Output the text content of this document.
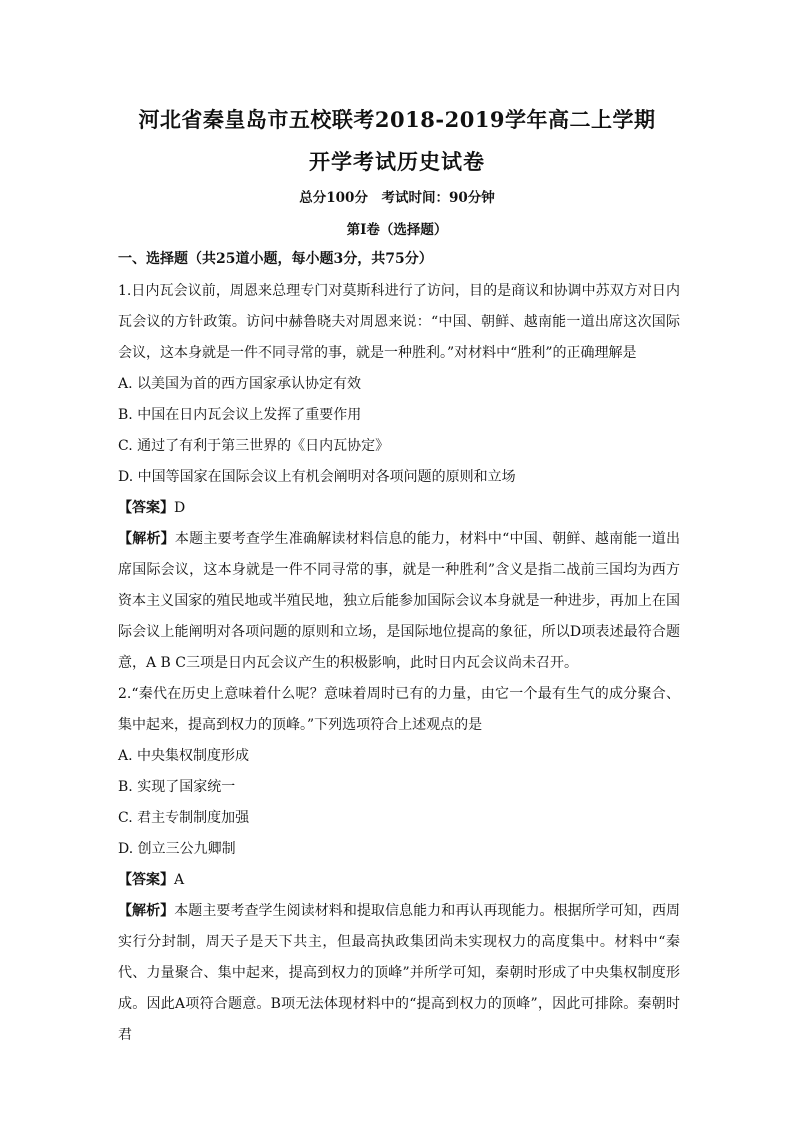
河北省秦皇岛市五校联考2018-2019学年高二上学期
开学考试历史试卷
总分100分　考试时间：90分钟
第I卷（选择题）
一、选择题（共25道小题，每小题3分，共75分）

1.日内瓦会议前，周恩来总理专门对莫斯科进行了访问，目的是商议和协调中苏双方对日内瓦会议的方针政策。访问中赫鲁晓夫对周恩来说：“中国、朝鲜、越南能一道出席这次国际会议，这本身就是一件不同寻常的事，就是一种胜利。”对材料中“胜利”的正确理解是

A. 以美国为首的西方国家承认协定有效

B. 中国在日内瓦会议上发挥了重要作用

C. 通过了有利于第三世界的《日内瓦协定》

D. 中国等国家在国际会议上有机会阐明对各项问题的原则和立场

【答案】D

【解析】本题主要考查学生准确解读材料信息的能力，材料中“中国、朝鲜、越南能一道出席国际会议，这本身就是一件不同寻常的事，就是一种胜利”含义是指二战前三国均为西方资本主义国家的殖民地或半殖民地，独立后能参加国际会议本身就是一种进步，再加上在国际会议上能阐明对各项问题的原则和立场，是国际地位提高的象征，所以D项表述最符合题意，A B C三项是日内瓦会议产生的积极影响，此时日内瓦会议尚未召开。

2.“秦代在历史上意味着什么呢？意味着周时已有的力量，由它一个最有生气的成分聚合、集中起来，提高到权力的顶峰。”下列选项符合上述观点的是

A. 中央集权制度形成

B. 实现了国家统一

C. 君主专制制度加强

D. 创立三公九卿制

【答案】A

【解析】本题主要考查学生阅读材料和提取信息能力和再认再现能力。根据所学可知，西周实行分封制，周天子是天下共主，但最高执政集团尚未实现权力的高度集中。材料中“秦代、力量聚合、集中起来，提高到权力的顶峰”并所学可知，秦朝时形成了中央集权制度形成。因此A项符合题意。B项无法体现材料中的“提高到权力的顶峰”，因此可排除。秦朝时君
